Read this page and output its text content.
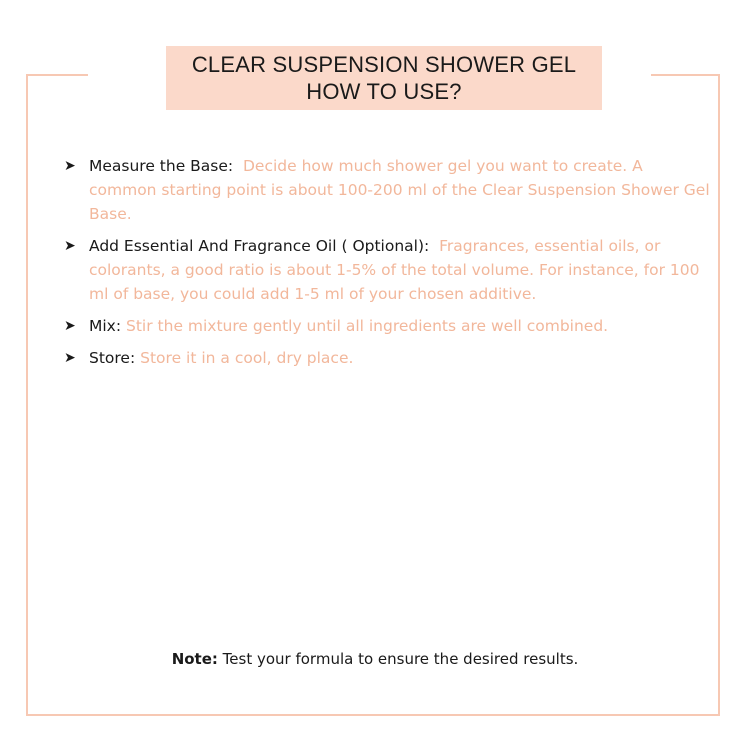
CLEAR SUSPENSION SHOWER GEL
HOW TO USE?
➤ Measure the Base: Decide how much shower gel you want to create. A common starting point is about 100-200 ml of the Clear Suspension Shower Gel Base.
➤ Add Essential And Fragrance Oil ( Optional): Fragrances, essential oils, or colorants, a good ratio is about 1-5% of the total volume. For instance, for 100 ml of base, you could add 1-5 ml of your chosen additive.
➤ Mix: Stir the mixture gently until all ingredients are well combined.
➤ Store: Store it in a cool, dry place.
Note: Test your formula to ensure the desired results.
